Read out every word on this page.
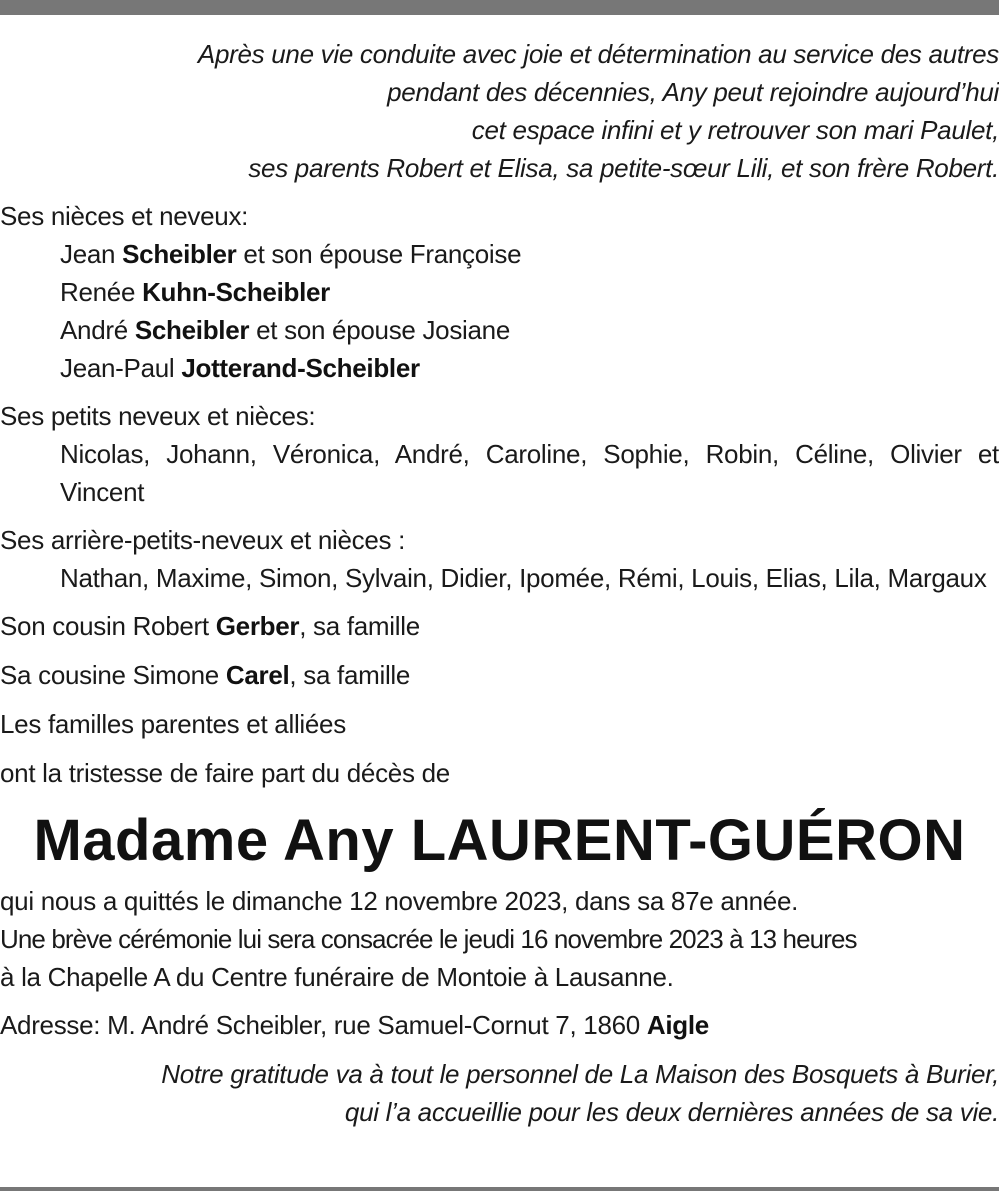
Après une vie conduite avec joie et détermination au service des autres
pendant des décennies, Any peut rejoindre aujourd’hui
cet espace infini et y retrouver son mari Paulet,
ses parents Robert et Elisa, sa petite-sœur Lili, et son frère Robert.
Ses nièces et neveux:
Jean Scheibler et son épouse Françoise
Renée Kuhn-Scheibler
André Scheibler et son épouse Josiane
Jean-Paul Jotterand-Scheibler
Ses petits neveux et nièces:
Nicolas, Johann, Véronica, André, Caroline, Sophie, Robin, Céline, Olivier et Vincent
Ses arrière-petits-neveux et nièces :
Nathan, Maxime, Simon, Sylvain, Didier, Ipomée, Rémi, Louis, Elias, Lila, Margaux
Son cousin Robert Gerber, sa famille
Sa cousine Simone Carel, sa famille
Les familles parentes et alliées
ont la tristesse de faire part du décès de
Madame Any LAURENT-GUÉRON
qui nous a quittés le dimanche 12 novembre 2023, dans sa 87e année.
Une brève cérémonie lui sera consacrée le jeudi 16 novembre 2023 à 13 heures
à la Chapelle A du Centre funéraire de Montoie à Lausanne.
Adresse: M. André Scheibler, rue Samuel-Cornut 7, 1860 Aigle
Notre gratitude va à tout le personnel de La Maison des Bosquets à Burier,
qui l’a accueillie pour les deux dernières années de sa vie.
